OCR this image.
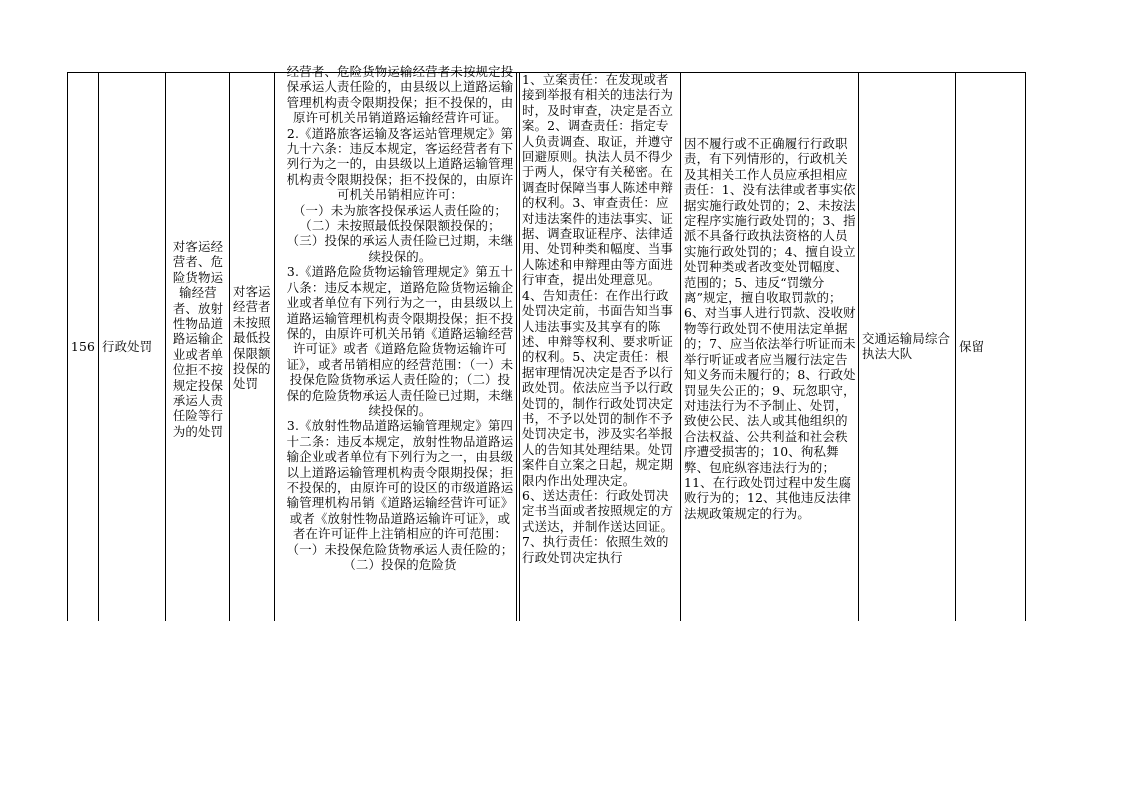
156 行政处罚
对客运经营者、危险货物运输经营者、放射性物品道路运输企业或者单位拒不按规定投保承运人责任险等行为的处罚
对客运经营者未按照最低投保限额投保的处罚
经营者、危险货物运输经营者未按规定投保承运人责任险的，由县级以上道路运输管理机构责令限期投保；拒不投保的，由原许可机关吊销道路运输经营许可证。
2.《道路旅客运输及客运站管理规定》第九十六条：违反本规定，客运经营者有下列行为之一的，由县级以上道路运输管理机构责令限期投保；拒不投保的，由原许可机关吊销相应许可：
（一）未为旅客投保承运人责任险的；
（二）未按照最低投保限额投保的；
（三）投保的承运人责任险已过期，未继续投保的。
3.《道路危险货物运输管理规定》第五十八条：违反本规定，道路危险货物运输企业或者单位有下列行为之一，由县级以上道路运输管理机构责令限期投保；拒不投保的，由原许可机关吊销《道路运输经营许可证》或者《道路危险货物运输许可证》，或者吊销相应的经营范围：（一）未投保危险货物承运人责任险的；（二）投保的危险货物承运人责任险已过期，未继续投保的。
3.《放射性物品道路运输管理规定》第四十二条：违反本规定，放射性物品道路运输企业或者单位有下列行为之一，由县级以上道路运输管理机构责令限期投保；拒不投保的，由原许可的设区的市级道路运输管理机构吊销《道路运输经营许可证》或者《放射性物品道路运输许可证》，或者在许可证件上注销相应的许可范围：（一）未投保危险货物承运人责任险的；（二）投保的危险货
1、立案责任：在发现或者接到举报有相关的违法行为时，及时审查，决定是否立案。2、调查责任：指定专人负责调查、取证，并遵守回避原则。执法人员不得少于两人，保守有关秘密。在调查时保障当事人陈述申辩的权利。3、审查责任：应对违法案件的违法事实、证据、调查取证程序、法律适用、处罚种类和幅度、当事人陈述和申辩理由等方面进行审查，提出处理意见。4、告知责任：在作出行政处罚决定前，书面告知当事人违法事实及其享有的陈述、申辩等权利、要求听证的权利。5、决定责任：根据审理情况决定是否予以行政处罚。依法应当予以行政处罚的，制作行政处罚决定书，不予以处罚的制作不予处罚决定书，涉及实名举报人的告知其处理结果。处罚案件自立案之日起，规定期限内作出处理决定。
6、送达责任：行政处罚决定书当面或者按照规定的方式送达，并制作送达回证。7、执行责任：依照生效的行政处罚决定执行
因不履行或不正确履行行政职责，有下列情形的，行政机关及其相关工作人员应承担相应责任：1、没有法律或者事实依据实施行政处罚的；2、未按法定程序实施行政处罚的；3、指派不具备行政执法资格的人员实施行政处罚的；4、擅自设立处罚种类或者改变处罚幅度、范围的；5、违反“罚缴分离”规定，擅自收取罚款的；6、对当事人进行罚款、没收财物等行政处罚不使用法定单据的；7、应当依法举行听证而未举行听证或者应当履行法定告知义务而未履行的；8、行政处罚显失公正的；9、玩忽职守，对违法行为不予制止、处罚，致使公民、法人或其他组织的合法权益、公共利益和社会秩序遭受损害的；10、徇私舞弊、包庇纵容违法行为的；11、在行政处罚过程中发生腐败行为的；12、其他违反法律法规政策规定的行为。
交通运输局综合执法大队	保留
